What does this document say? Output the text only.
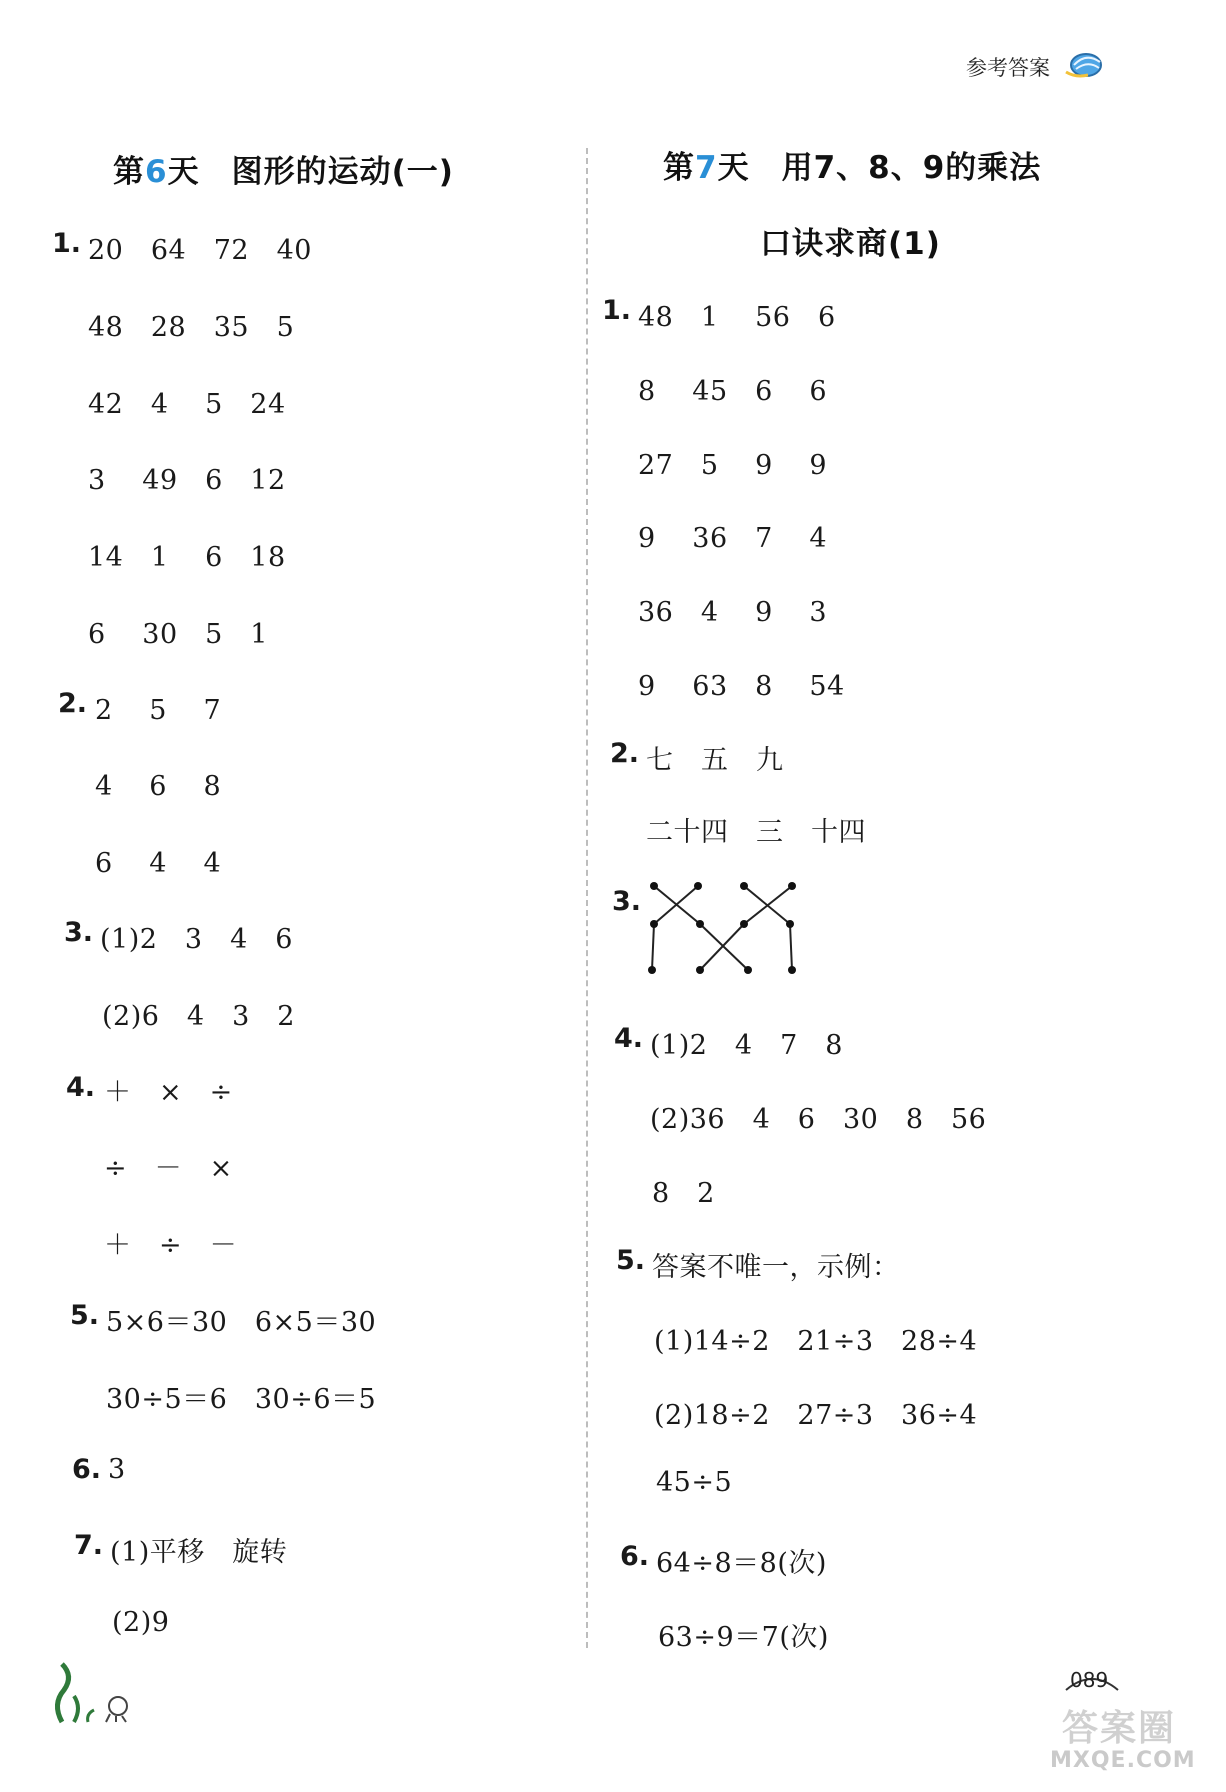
参考答案
第6天　图形的运动(一)
1. 20　64　72　40
48　28　35　5
42　4　 5　24
3 　49　6　12
14　1　 6　18
6 　30　5　1
2. 2　 5　 7
4　 6　 8
6　 4　 4
3. (1)2　3　4　6
(2)6　4　3　2
4. ＋　×　÷
÷　－　×
＋　÷　－
5. 5×6＝30　6×5＝30
30÷5＝6　30÷6＝5
6. 3
7. (1)平移　旋转
(2)9
第7天　用7、8、9的乘法
口诀求商(1)
1. 48　1　 56　6
8 　45　6 　6
27　5　 9 　9
9 　36　7 　4
36　4　 9 　3
9 　63　8 　54
2. 七　五　九
二十四　三　十四
3.
4. (1)2　4　7　8
(2)36　4　6　30　8　56
8　2
5. 答案不唯一，示例：
(1)14÷2　21÷3　28÷4
(2)18÷2　27÷3　36÷4
45÷5
6. 64÷8＝8(次)
63÷9＝7(次)
089
答案圈
MXQE.COM
